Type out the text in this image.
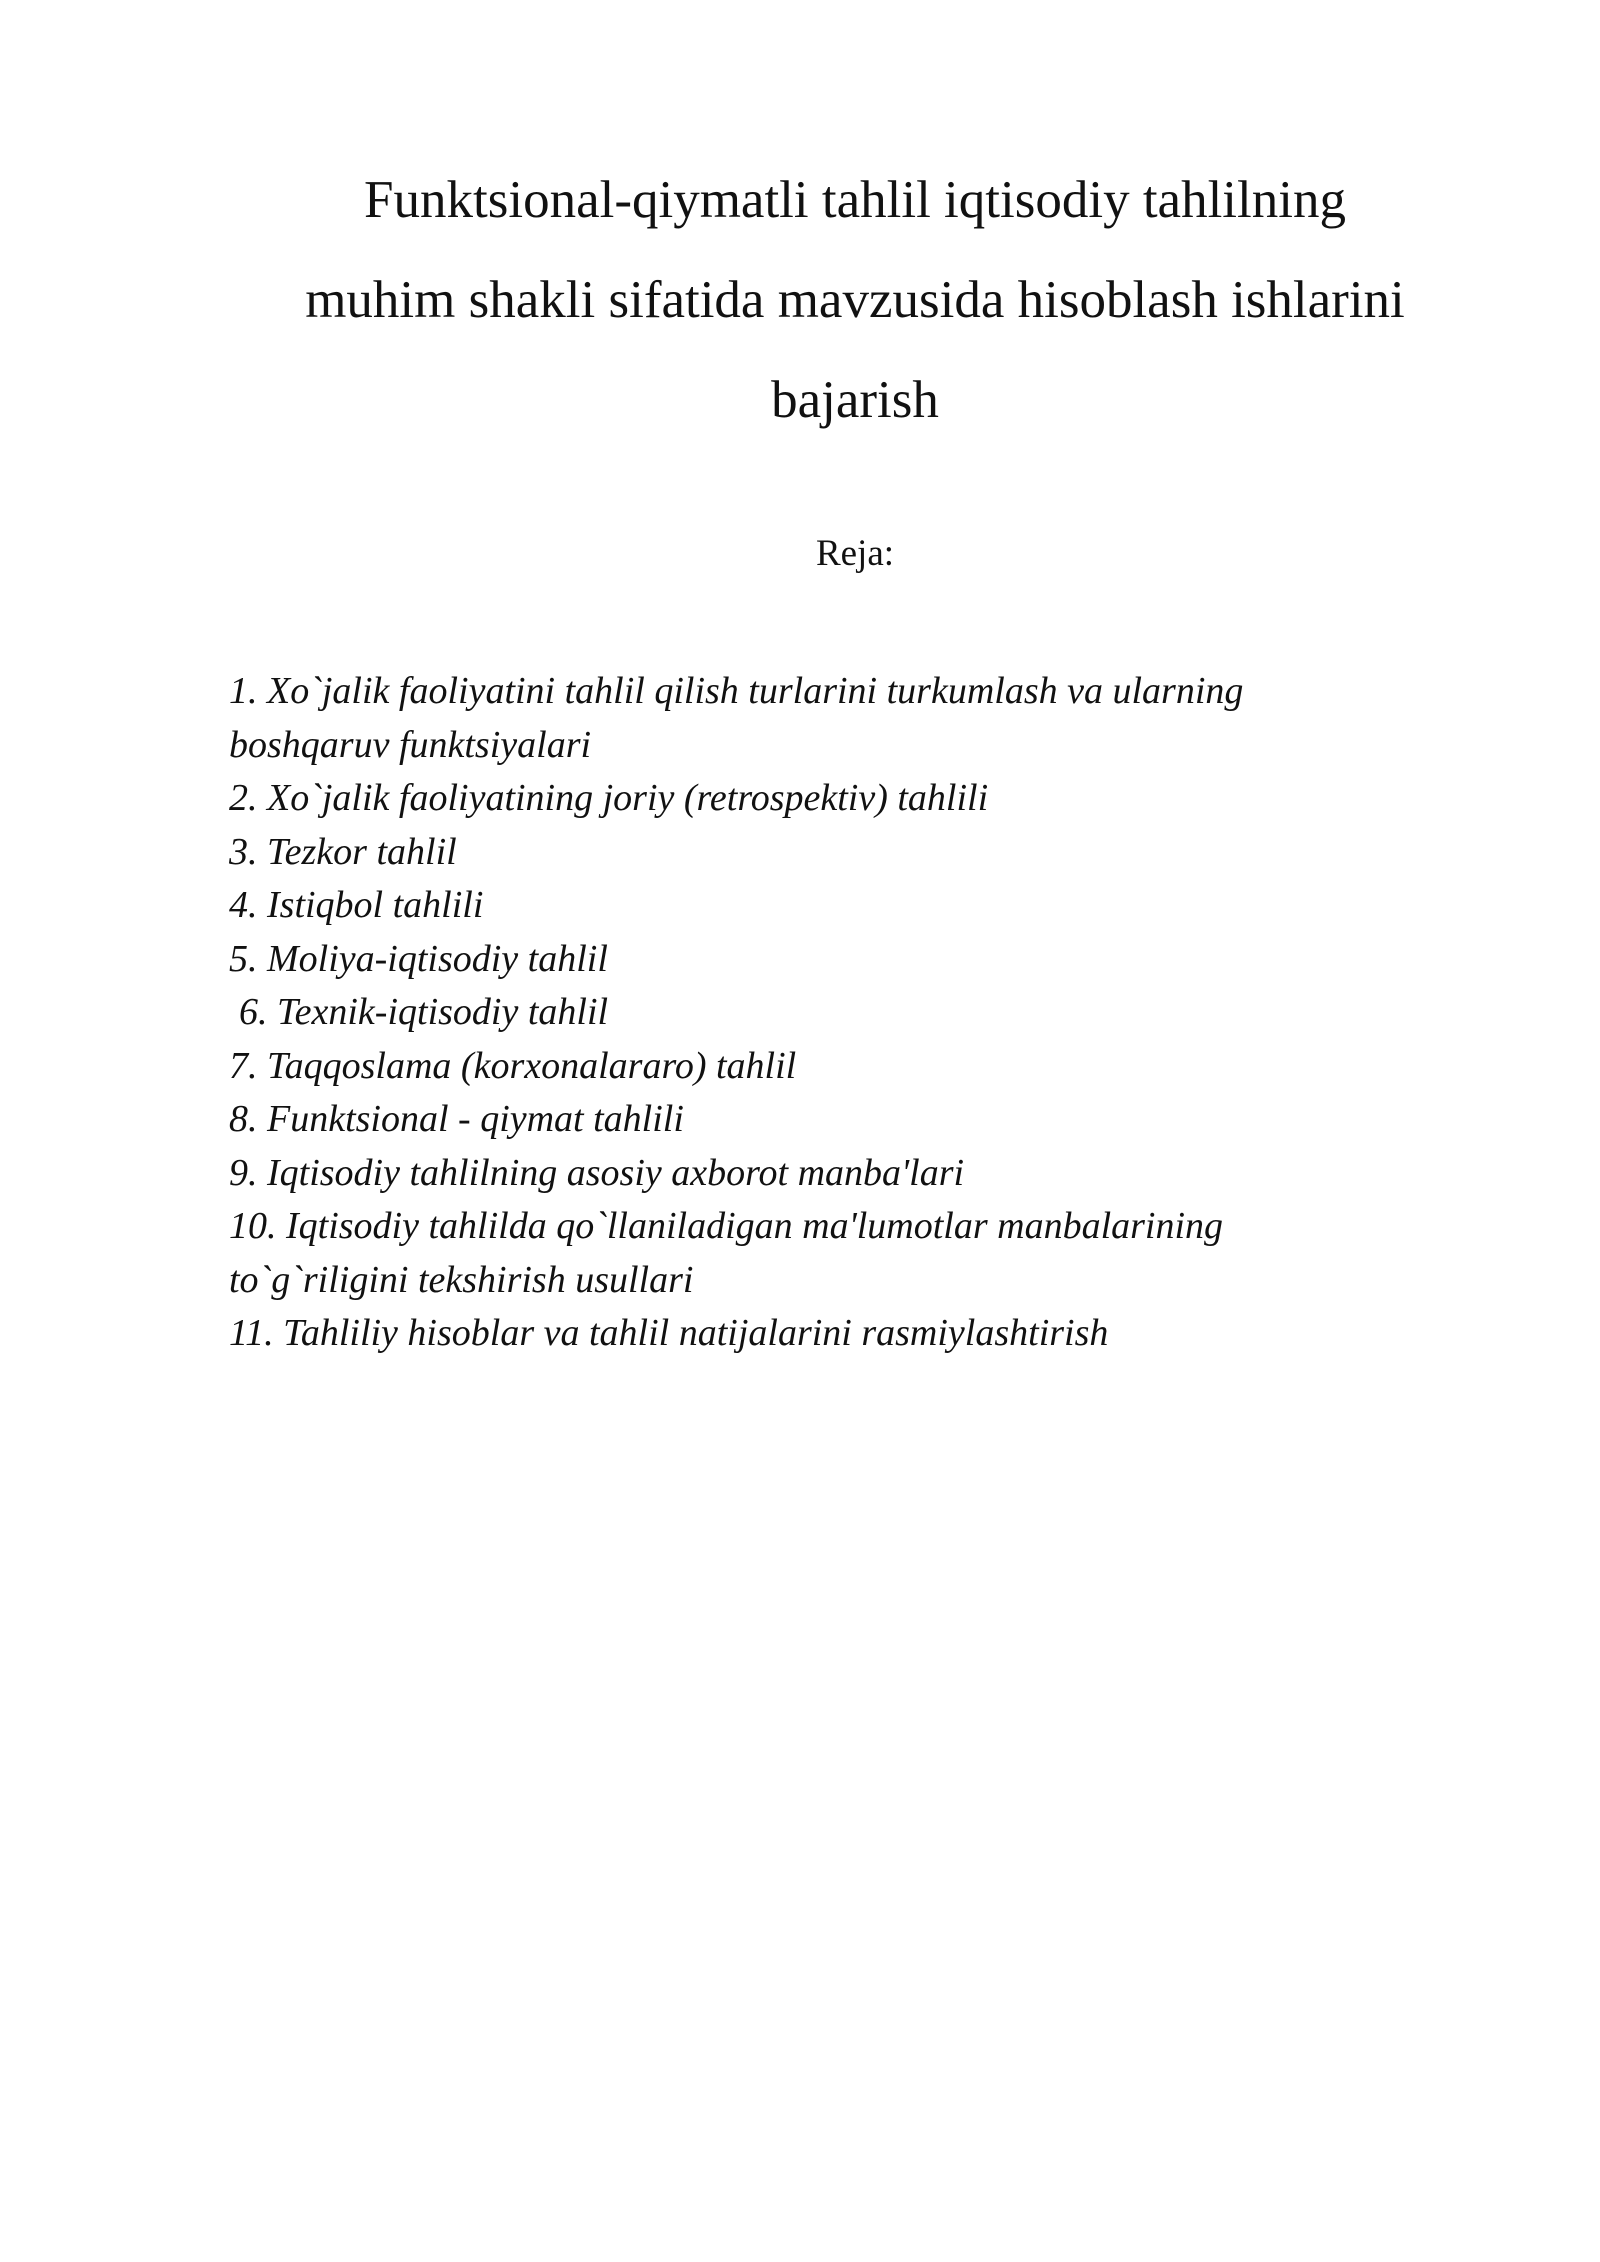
Funktsional-qiymatli tahlil iqtisodiy tahlilning
muhim shakli sifatida mavzusida hisoblash ishlarini
bajarish

Reja:

1. Xo`jalik faoliyatini tahlil qilish turlarini turkumlash va ularning
boshqaruv funktsiyalari
2. Xo`jalik faoliyatining joriy (retrospektiv) tahlili
3. Tezkor tahlil
4. Istiqbol tahlili
5. Moliya-iqtisodiy tahlil
6. Texnik-iqtisodiy tahlil
7. Taqqoslama (korxonalararo) tahlil
8. Funktsional - qiymat tahlili
9. Iqtisodiy tahlilning asosiy axborot manba'lari
10. Iqtisodiy tahlilda qo`llaniladigan ma'lumotlar manbalarining
to`g`riligini tekshirish usullari
11. Tahliliy hisoblar va tahlil natijalarini rasmiylashtirish
